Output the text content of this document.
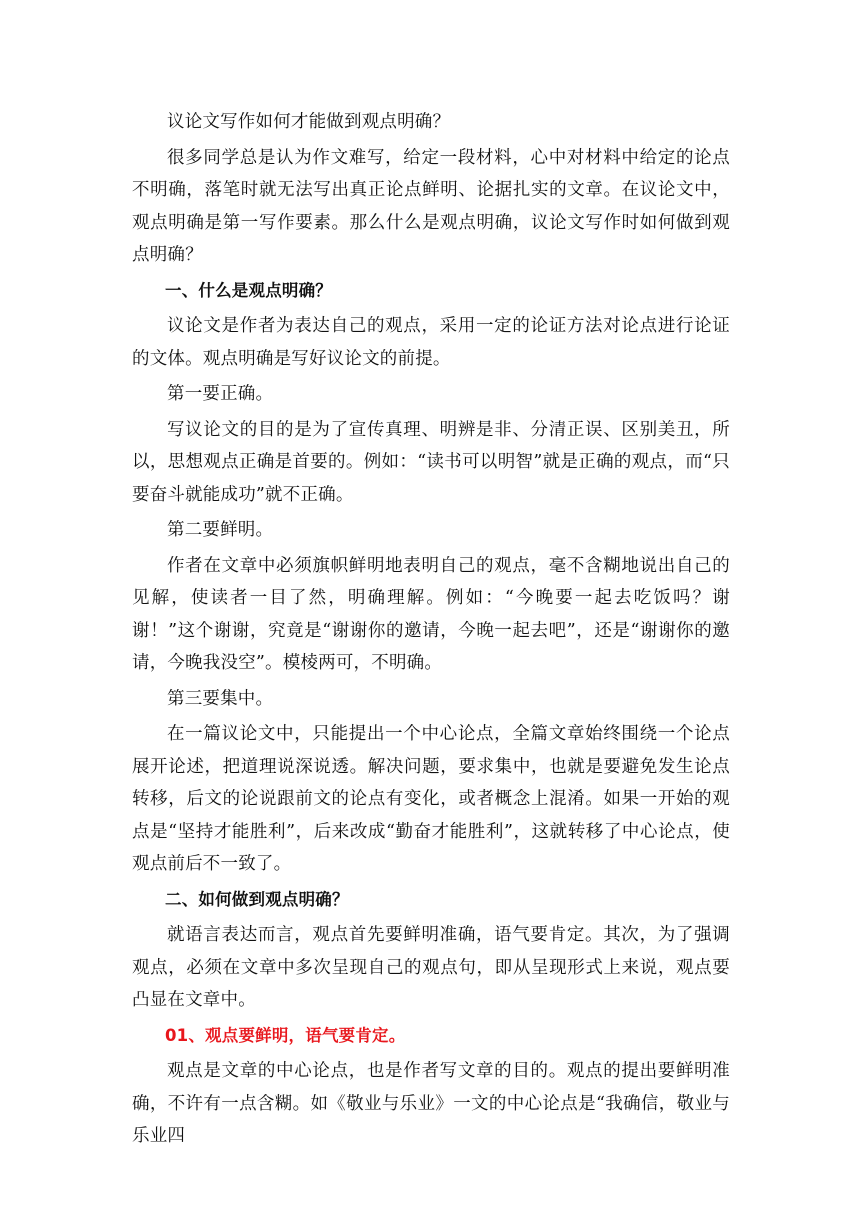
议论文写作如何才能做到观点明确？

很多同学总是认为作文难写，给定一段材料，心中对材料中给定的论点不明确，落笔时就无法写出真正论点鲜明、论据扎实的文章。在议论文中，观点明确是第一写作要素。那么什么是观点明确，议论文写作时如何做到观点明确？

一、什么是观点明确？

议论文是作者为表达自己的观点，采用一定的论证方法对论点进行论证的文体。观点明确是写好议论文的前提。

第一要正确。

写议论文的目的是为了宣传真理、明辨是非、分清正误、区别美丑，所以，思想观点正确是首要的。例如：“读书可以明智”就是正确的观点，而“只要奋斗就能成功”就不正确。

第二要鲜明。

作者在文章中必须旗帜鲜明地表明自己的观点，毫不含糊地说出自己的见解，使读者一目了然，明确理解。例如：“今晚要一起去吃饭吗？谢谢！”这个谢谢，究竟是“谢谢你的邀请，今晚一起去吧”，还是“谢谢你的邀请，今晚我没空”。模棱两可，不明确。

第三要集中。

在一篇议论文中，只能提出一个中心论点，全篇文章始终围绕一个论点展开论述，把道理说深说透。解决问题，要求集中，也就是要避免发生论点转移，后文的论说跟前文的论点有变化，或者概念上混淆。如果一开始的观点是“坚持才能胜利”，后来改成“勤奋才能胜利”，这就转移了中心论点，使观点前后不一致了。

二、如何做到观点明确？

就语言表达而言，观点首先要鲜明准确，语气要肯定。其次，为了强调观点，必须在文章中多次呈现自己的观点句，即从呈现形式上来说，观点要凸显在文章中。

01、观点要鲜明，语气要肯定。

观点是文章的中心论点，也是作者写文章的目的。观点的提出要鲜明准确，不许有一点含糊。如《敬业与乐业》一文的中心论点是“我确信，敬业与乐业四
